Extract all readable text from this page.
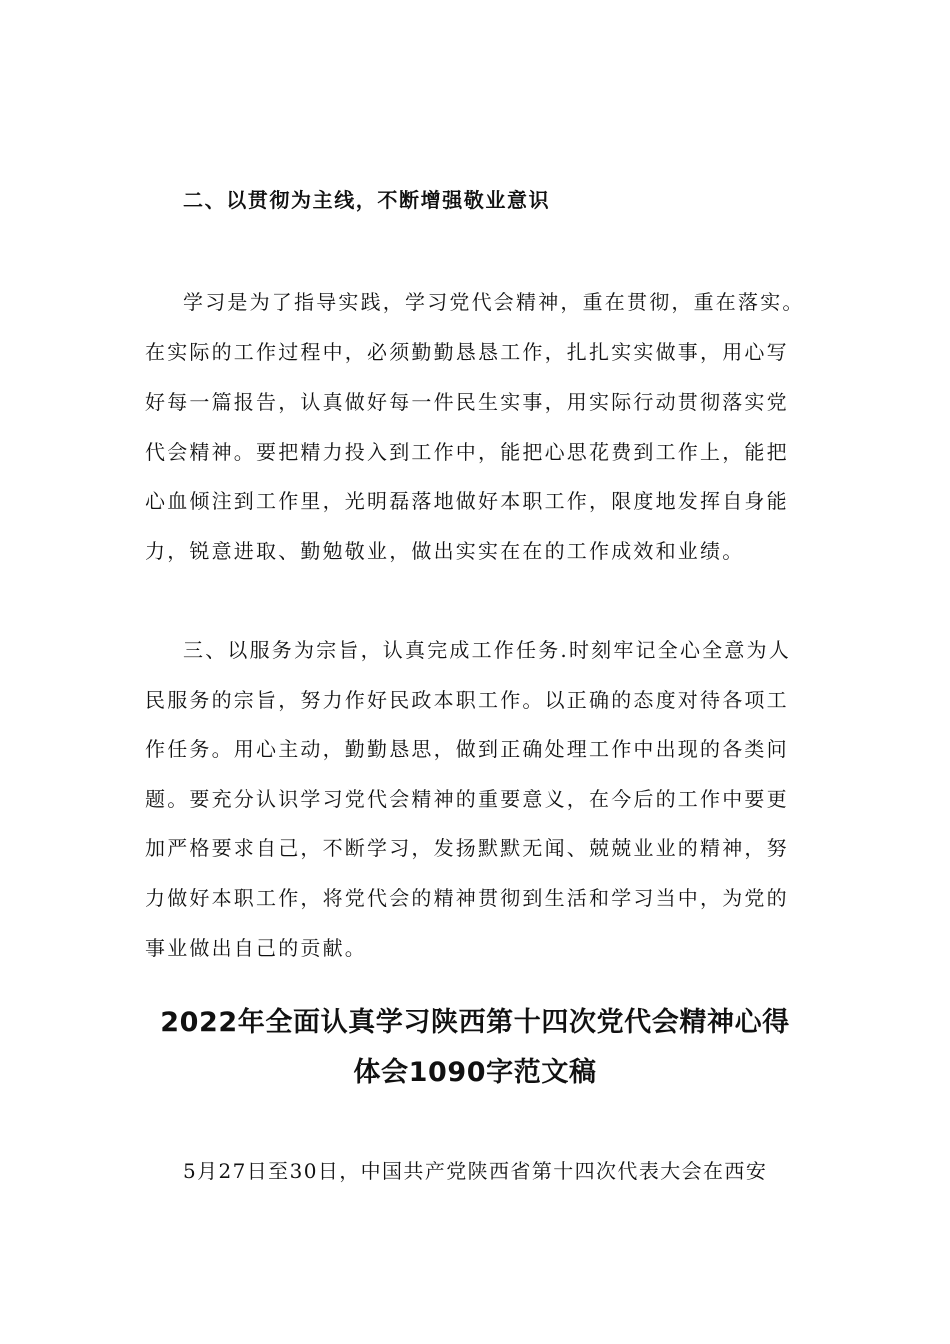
二、以贯彻为主线，不断增强敬业意识
学习是为了指导实践，学习党代会精神，重在贯彻，重在落实。
在实际的工作过程中，必须勤勤恳恳工作，扎扎实实做事，用心写
好每一篇报告，认真做好每一件民生实事，用实际行动贯彻落实党
代会精神。要把精力投入到工作中，能把心思花费到工作上，能把
心血倾注到工作里，光明磊落地做好本职工作，限度地发挥自身能
力，锐意进取、勤勉敬业，做出实实在在的工作成效和业绩。
三、以服务为宗旨，认真完成工作任务.时刻牢记全心全意为人
民服务的宗旨，努力作好民政本职工作。以正确的态度对待各项工
作任务。用心主动，勤勤恳思，做到正确处理工作中出现的各类问
题。要充分认识学习党代会精神的重要意义，在今后的工作中要更
加严格要求自己，不断学习，发扬默默无闻、兢兢业业的精神，努
力做好本职工作，将党代会的精神贯彻到生活和学习当中，为党的
事业做出自己的贡献。
2022年全面认真学习陕西第十四次党代会精神心得
体会1090字范文稿
5月27日至30日，中国共产党陕西省第十四次代表大会在西安
